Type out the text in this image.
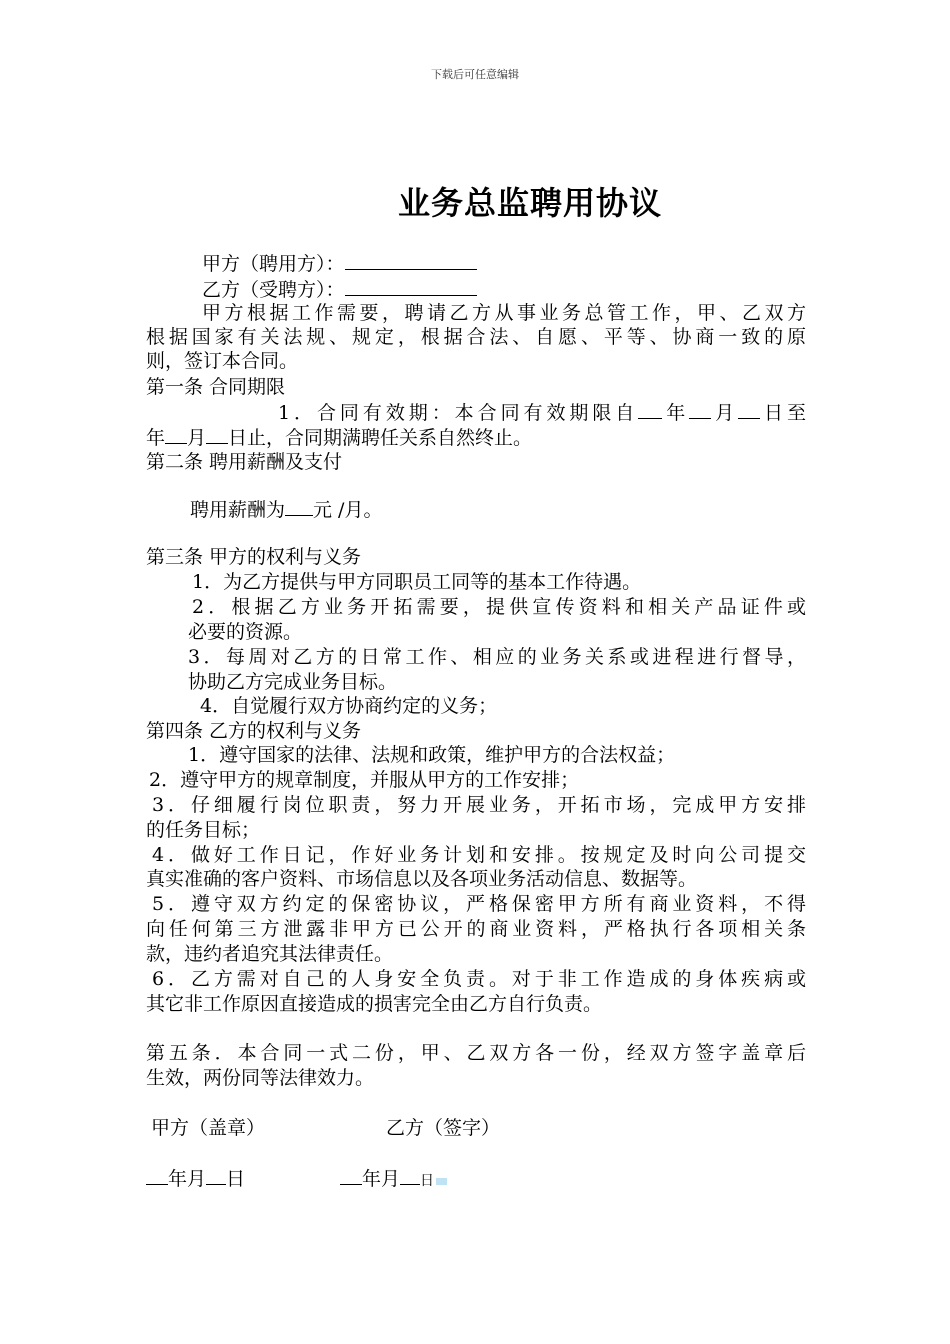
下载后可任意编辑
业务总监聘用协议
甲方（聘用方）：
乙方（受聘方）：
甲方根据工作需要，聘请乙方从事业务总管工作，甲、乙双方
根据国家有关法规、规定，根据合法、自愿、平等、协商一致的原
则，签订本合同。
第一条 合同期限
1．合同有效期：本合同有效期限自 年 月 日至
年 月 日止，合同期满聘任关系自然终止。
第二条 聘用薪酬及支付
聘用薪酬为 元 /月。
第三条 甲方的权利与义务
1．为乙方提供与甲方同职员工同等的基本工作待遇。
2．根据乙方业务开拓需要，提供宣传资料和相关产品证件或
必要的资源。
3．每周对乙方的日常工作、相应的业务关系或进程进行督导，
协助乙方完成业务目标。
4．自觉履行双方协商约定的义务；
第四条 乙方的权利与义务
1．遵守国家的法律、法规和政策，维护甲方的合法权益；
2．遵守甲方的规章制度，并服从甲方的工作安排；
3．仔细履行岗位职责，努力开展业务，开拓市场，完成甲方安排
的任务目标；
4．做好工作日记，作好业务计划和安排。按规定及时向公司提交
真实准确的客户资料、市场信息以及各项业务活动信息、数据等。
5．遵守双方约定的保密协议，严格保密甲方所有商业资料，不得
向任何第三方泄露非甲方已公开的商业资料，严格执行各项相关条
款，违约者追究其法律责任。
6．乙方需对自己的人身安全负责。对于非工作造成的身体疾病或
其它非工作原因直接造成的损害完全由乙方自行负责。
第五条．本合同一式二份，甲、乙双方各一份，经双方签字盖章后
生效，两份同等法律效力。
甲方（盖章）	乙方（签字）
年月 日	年月 日
